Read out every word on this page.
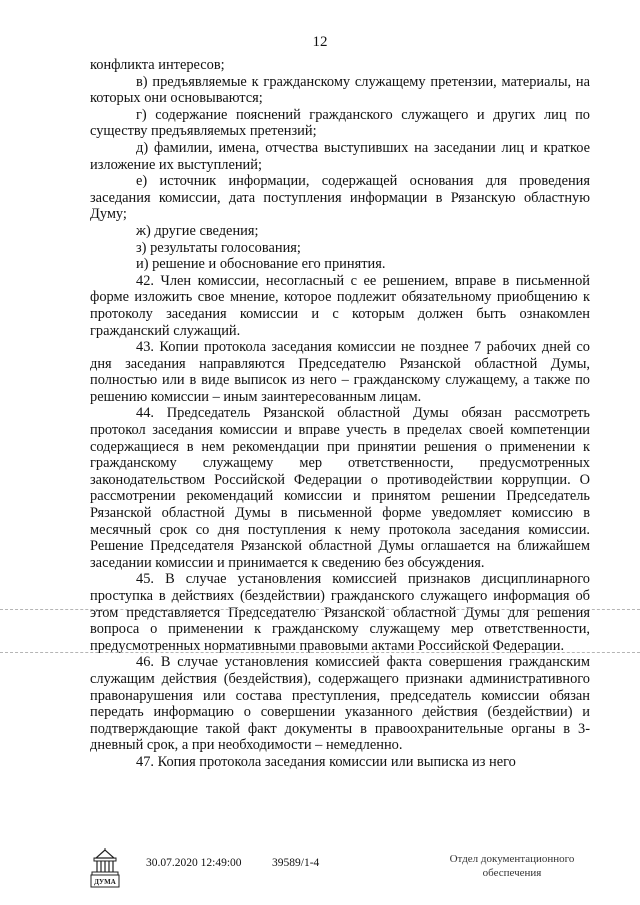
12

конфликта интересов;

в) предъявляемые к гражданскому служащему претензии, материалы, на которых они основываются;

г) содержание пояснений гражданского служащего и других лиц по существу предъявляемых претензий;

д) фамилии, имена, отчества выступивших на заседании лиц и краткое изложение их выступлений;

е) источник информации, содержащей основания для проведения заседания комиссии, дата поступления информации в Рязанскую областную Думу;

ж) другие сведения;

з) результаты голосования;

и) решение и обоснование его принятия.

42. Член комиссии, несогласный с ее решением, вправе в письменной форме изложить свое мнение, которое подлежит обязательному приобщению к протоколу заседания комиссии и с которым должен быть ознакомлен гражданский служащий.

43. Копии протокола заседания комиссии не позднее 7 рабочих дней со дня заседания направляются Председателю Рязанской областной Думы, полностью или в виде выписок из него – гражданскому служащему, а также по решению комиссии – иным заинтересованным лицам.

44. Председатель Рязанской областной Думы обязан рассмотреть протокол заседания комиссии и вправе учесть в пределах своей компетенции содержащиеся в нем рекомендации при принятии решения о применении к гражданскому служащему мер ответственности, предусмотренных законодательством Российской Федерации о противодействии коррупции. О рассмотрении рекомендаций комиссии и принятом решении Председатель Рязанской областной Думы в письменной форме уведомляет комиссию в месячный срок со дня поступления к нему протокола заседания комиссии. Решение Председателя Рязанской областной Думы оглашается на ближайшем заседании комиссии и принимается к сведению без обсуждения.

45. В случае установления комиссией признаков дисциплинарного проступка в действиях (бездействии) гражданского служащего информация об этом представляется Председателю Рязанской областной Думы для решения вопроса о применении к гражданскому служащему мер ответственности, предусмотренных нормативными правовыми актами Российской Федерации.

46. В случае установления комиссией факта совершения гражданским служащим действия (бездействия), содержащего признаки административного правонарушения или состава преступления, председатель комиссии обязан передать информацию о совершении указанного действия (бездействии) и подтверждающие такой факт документы в правоохранительные органы в 3-дневный срок, а при необходимости – немедленно.

47. Копия протокола заседания комиссии или выписка из него

ДУМА
30.07.2020 12:49:00	39589/1-4	Отдел документационного
обеспечения
